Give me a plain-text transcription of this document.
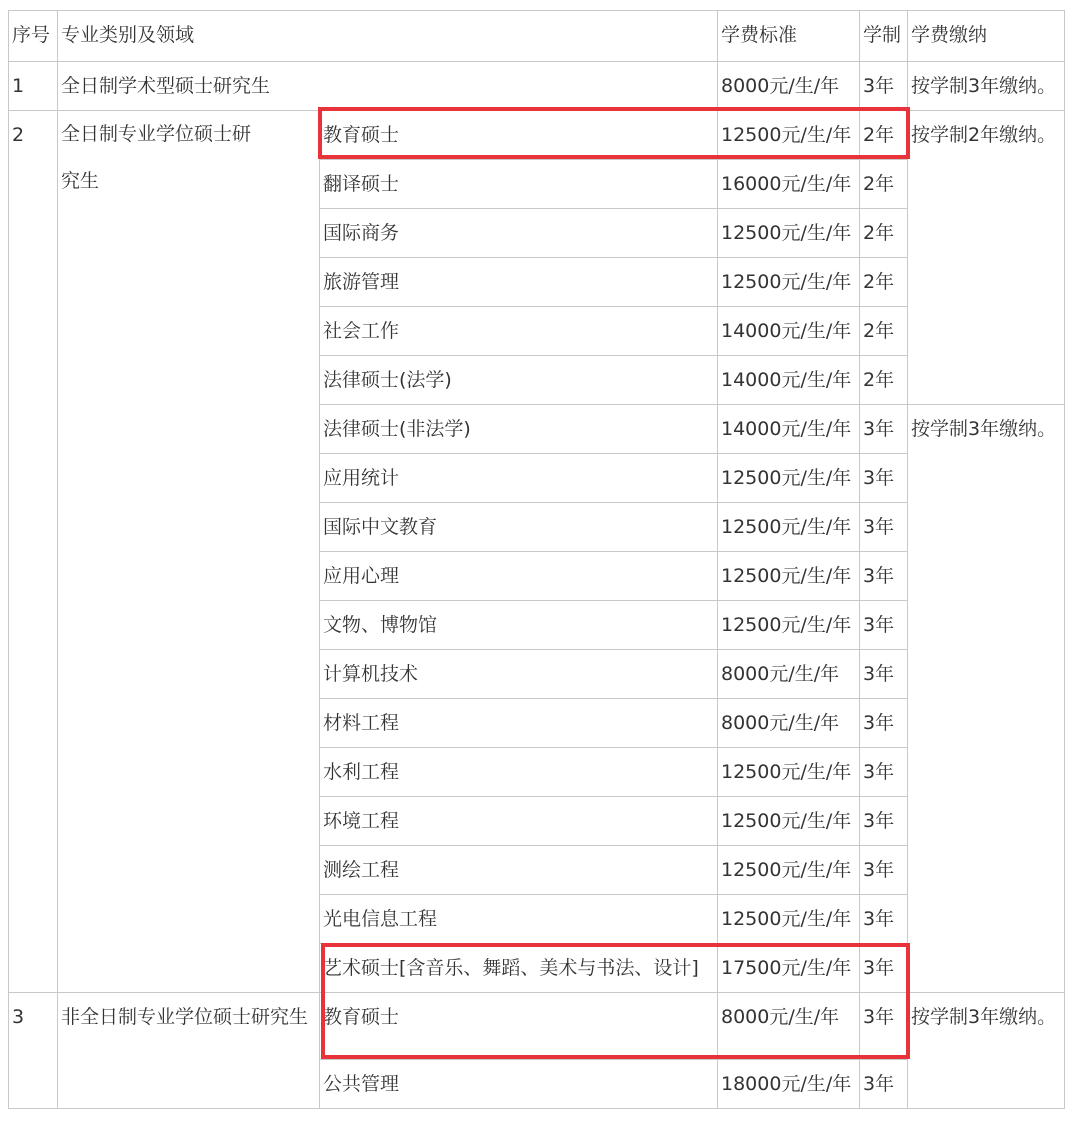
序号	专业类别及领域		学费标准	学制	学费缴纳
1	全日制学术型硕士研究生		8000元/生/年	3年	按学制3年缴纳。
2	全日制专业学位硕士研究生	教育硕士	12500元/生/年	2年	按学制2年缴纳。
		翻译硕士	16000元/生/年	2年	
		国际商务	12500元/生/年	2年	
		旅游管理	12500元/生/年	2年	
		社会工作	14000元/生/年	2年	
		法律硕士(法学)	14000元/生/年	2年	
		法律硕士(非法学)	14000元/生/年	3年	按学制3年缴纳。
		应用统计	12500元/生/年	3年	
		国际中文教育	12500元/生/年	3年	
		应用心理	12500元/生/年	3年	
		文物、博物馆	12500元/生/年	3年	
		计算机技术	8000元/生/年	3年	
		材料工程	8000元/生/年	3年	
		水利工程	12500元/生/年	3年	
		环境工程	12500元/生/年	3年	
		测绘工程	12500元/生/年	3年	
		光电信息工程	12500元/生/年	3年	
		艺术硕士[含音乐、舞蹈、美术与书法、设计]	17500元/生/年	3年	
3	非全日制专业学位硕士研究生	教育硕士	8000元/生/年	3年	按学制3年缴纳。
		公共管理	18000元/生/年	3年	
